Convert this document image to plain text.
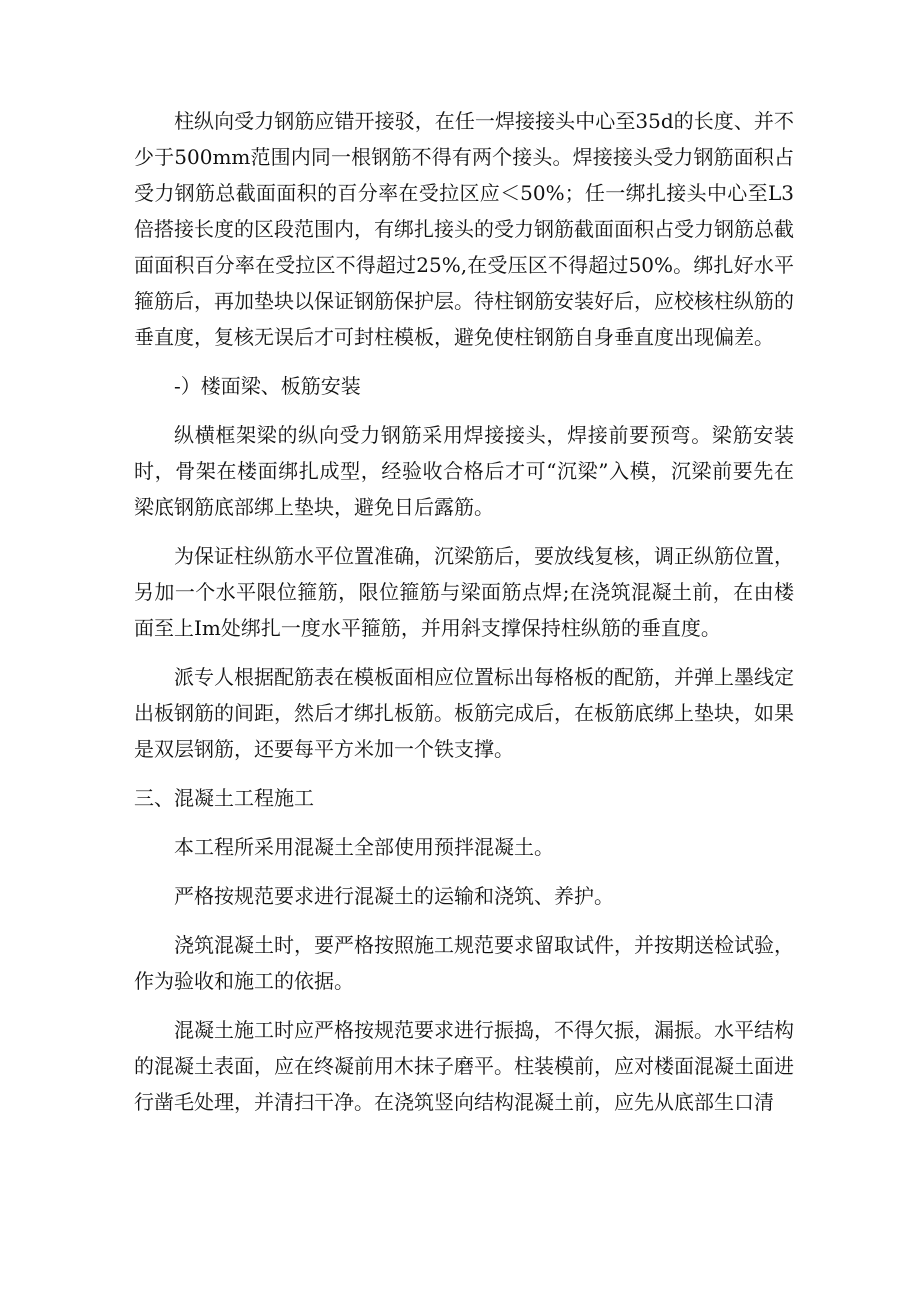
柱纵向受力钢筋应错开接驳，在任一焊接接头中心至35d的长度、并不少于500mm范围内同一根钢筋不得有两个接头。焊接接头受力钢筋面积占受力钢筋总截面面积的百分率在受拉区应＜50%；任一绑扎接头中心至L3倍搭接长度的区段范围内，有绑扎接头的受力钢筋截面面积占受力钢筋总截面面积百分率在受拉区不得超过25%,在受压区不得超过50%。绑扎好水平箍筋后，再加垫块以保证钢筋保护层。待柱钢筋安装好后，应校核柱纵筋的垂直度，复核无误后才可封柱模板，避免使柱钢筋自身垂直度出现偏差。

-）楼面梁、板筋安装

纵横框架梁的纵向受力钢筋采用焊接接头，焊接前要预弯。梁筋安装时，骨架在楼面绑扎成型，经验收合格后才可“沉梁”入模，沉梁前要先在梁底钢筋底部绑上垫块，避免日后露筋。

为保证柱纵筋水平位置准确，沉梁筋后，要放线复核，调正纵筋位置，另加一个水平限位箍筋，限位箍筋与梁面筋点焊;在浇筑混凝土前，在由楼面至上Im处绑扎一度水平箍筋，并用斜支撑保持柱纵筋的垂直度。

派专人根据配筋表在模板面相应位置标出每格板的配筋，并弹上墨线定出板钢筋的间距，然后才绑扎板筋。板筋完成后，在板筋底绑上垫块，如果是双层钢筋，还要每平方米加一个铁支撑。

三、混凝土工程施工

本工程所采用混凝土全部使用预拌混凝土。

严格按规范要求进行混凝土的运输和浇筑、养护。

浇筑混凝土时，要严格按照施工规范要求留取试件，并按期送检试验，作为验收和施工的依据。

混凝土施工时应严格按规范要求进行振捣，不得欠振，漏振。水平结构的混凝土表面，应在终凝前用木抹子磨平。柱装模前，应对楼面混凝土面进行凿毛处理，并清扫干净。在浇筑竖向结构混凝土前，应先从底部生口清
